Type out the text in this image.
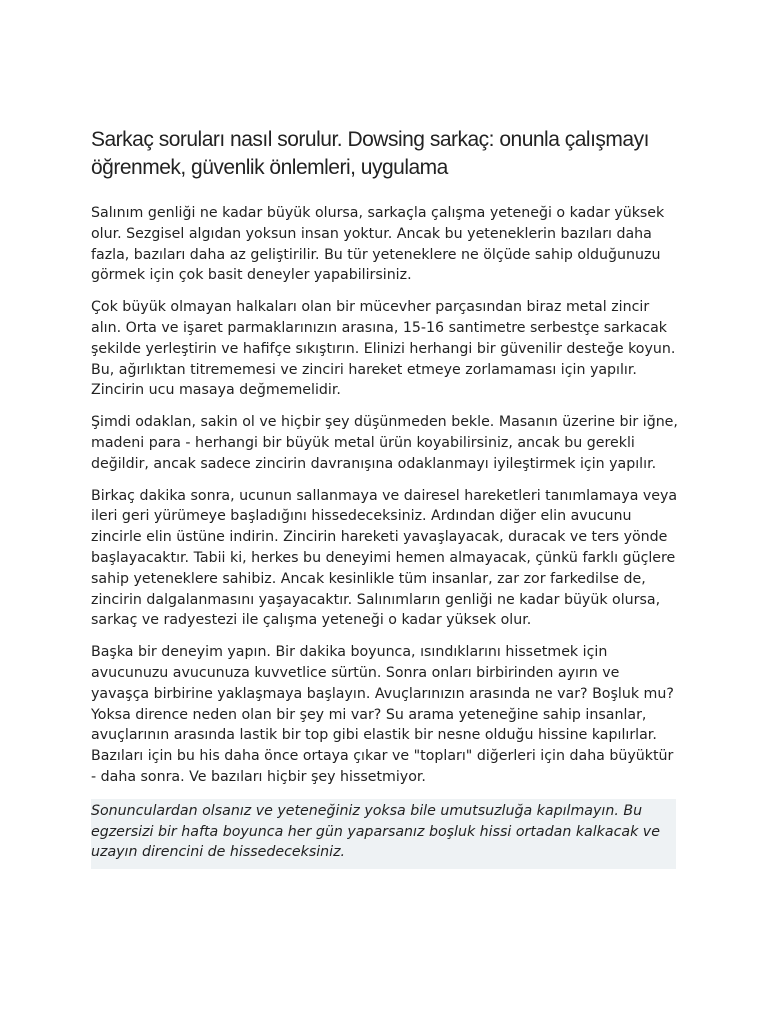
Sarkaç soruları nasıl sorulur. Dowsing sarkaç: onunla çalışmayı öğrenmek, güvenlik önlemleri, uygulama

Salınım genliği ne kadar büyük olursa, sarkaçla çalışma yeteneği o kadar yüksek olur. Sezgisel algıdan yoksun insan yoktur. Ancak bu yeteneklerin bazıları daha fazla, bazıları daha az geliştirilir. Bu tür yeteneklere ne ölçüde sahip olduğunuzu görmek için çok basit deneyler yapabilirsiniz.

Çok büyük olmayan halkaları olan bir mücevher parçasından biraz metal zincir alın. Orta ve işaret parmaklarınızın arasına, 15-16 santimetre serbestçe sarkacak şekilde yerleştirin ve hafifçe sıkıştırın. Elinizi herhangi bir güvenilir desteğe koyun. Bu, ağırlıktan titrememesi ve zinciri hareket etmeye zorlamaması için yapılır. Zincirin ucu masaya değmemelidir.

Şimdi odaklan, sakin ol ve hiçbir şey düşünmeden bekle. Masanın üzerine bir iğne, madeni para - herhangi bir büyük metal ürün koyabilirsiniz, ancak bu gerekli değildir, ancak sadece zincirin davranışına odaklanmayı iyileştirmek için yapılır.

Birkaç dakika sonra, ucunun sallanmaya ve dairesel hareketleri tanımlamaya veya ileri geri yürümeye başladığını hissedeceksiniz. Ardından diğer elin avucunu zincirle elin üstüne indirin. Zincirin hareketi yavaşlayacak, duracak ve ters yönde başlayacaktır. Tabii ki, herkes bu deneyimi hemen almayacak, çünkü farklı güçlere sahip yeteneklere sahibiz. Ancak kesinlikle tüm insanlar, zar zor farkedilse de, zincirin dalgalanmasını yaşayacaktır. Salınımların genliği ne kadar büyük olursa, sarkaç ve radyestezi ile çalışma yeteneği o kadar yüksek olur.

Başka bir deneyim yapın. Bir dakika boyunca, ısındıklarını hissetmek için avucunuzu avucunuza kuvvetlice sürtün. Sonra onları birbirinden ayırın ve yavaşça birbirine yaklaşmaya başlayın. Avuçlarınızın arasında ne var? Boşluk mu? Yoksa dirence neden olan bir şey mi var? Su arama yeteneğine sahip insanlar, avuçlarının arasında lastik bir top gibi elastik bir nesne olduğu hissine kapılırlar. Bazıları için bu his daha önce ortaya çıkar ve "topları" diğerleri için daha büyüktür - daha sonra. Ve bazıları hiçbir şey hissetmiyor.

Sonunculardan olsanız ve yeteneğiniz yoksa bile umutsuzluğa kapılmayın. Bu egzersizi bir hafta boyunca her gün yaparsanız boşluk hissi ortadan kalkacak ve uzayın direncini de hissedeceksiniz.
